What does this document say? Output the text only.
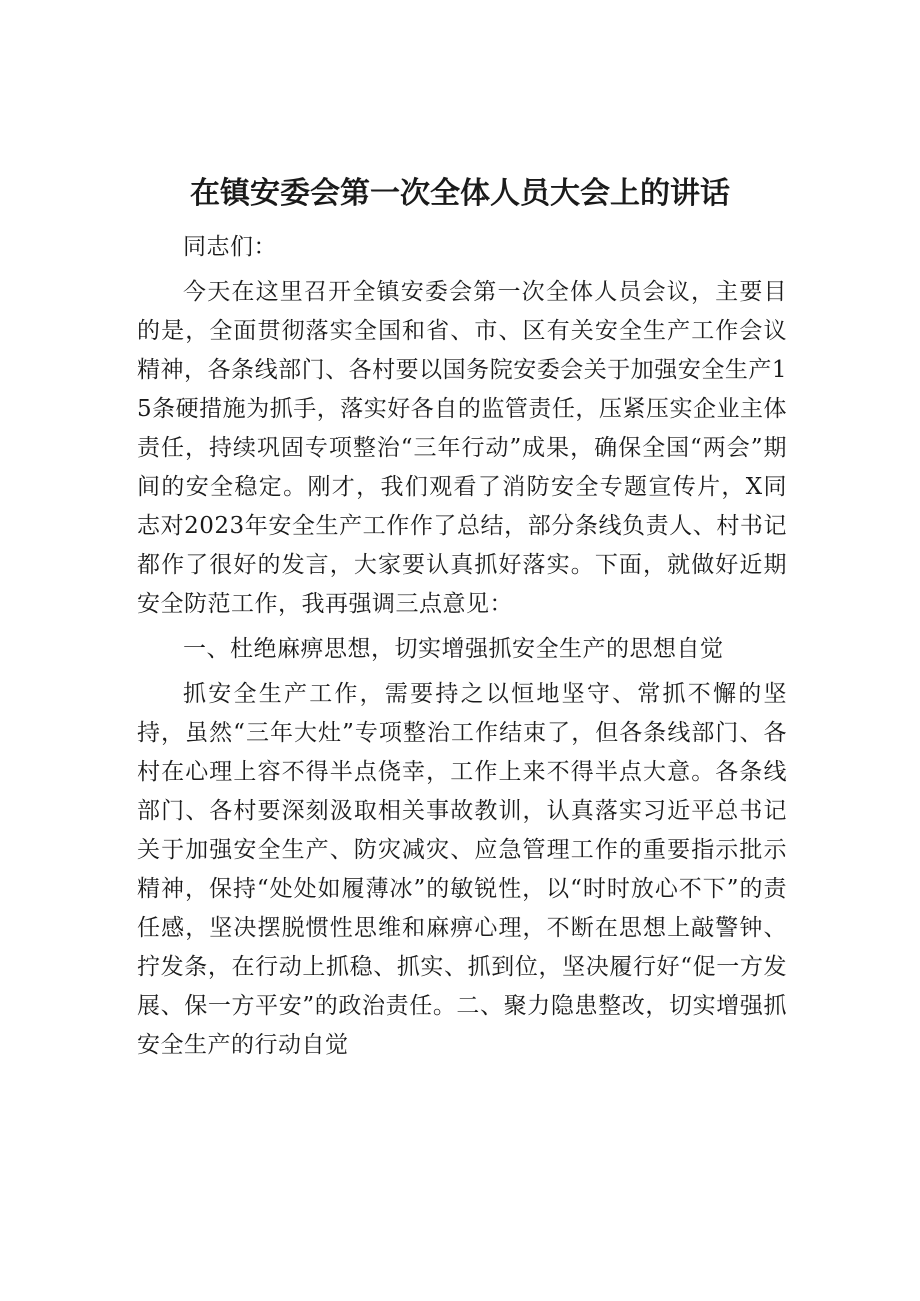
在镇安委会第一次全体人员大会上的讲话

同志们：

今天在这里召开全镇安委会第一次全体人员会议，主要目的是，全面贯彻落实全国和省、市、区有关安全生产工作会议精神，各条线部门、各村要以国务院安委会关于加强安全生产15条硬措施为抓手，落实好各自的监管责任，压紧压实企业主体责任，持续巩固专项整治“三年行动”成果，确保全国“两会”期间的安全稳定。刚才，我们观看了消防安全专题宣传片，X同志对2023年安全生产工作作了总结，部分条线负责人、村书记都作了很好的发言，大家要认真抓好落实。下面，就做好近期安全防范工作，我再强调三点意见：

一、杜绝麻痹思想，切实增强抓安全生产的思想自觉

抓安全生产工作，需要持之以恒地坚守、常抓不懈的坚持，虽然“三年大灶”专项整治工作结束了，但各条线部门、各村在心理上容不得半点侥幸，工作上来不得半点大意。各条线部门、各村要深刻汲取相关事故教训，认真落实习近平总书记关于加强安全生产、防灾减灾、应急管理工作的重要指示批示精神，保持“处处如履薄冰”的敏锐性，以“时时放心不下”的责任感，坚决摆脱惯性思维和麻痹心理，不断在思想上敲警钟、拧发条，在行动上抓稳、抓实、抓到位，坚决履行好“促一方发展、保一方平安”的政治责任。二、聚力隐患整改，切实增强抓安全生产的行动自觉
